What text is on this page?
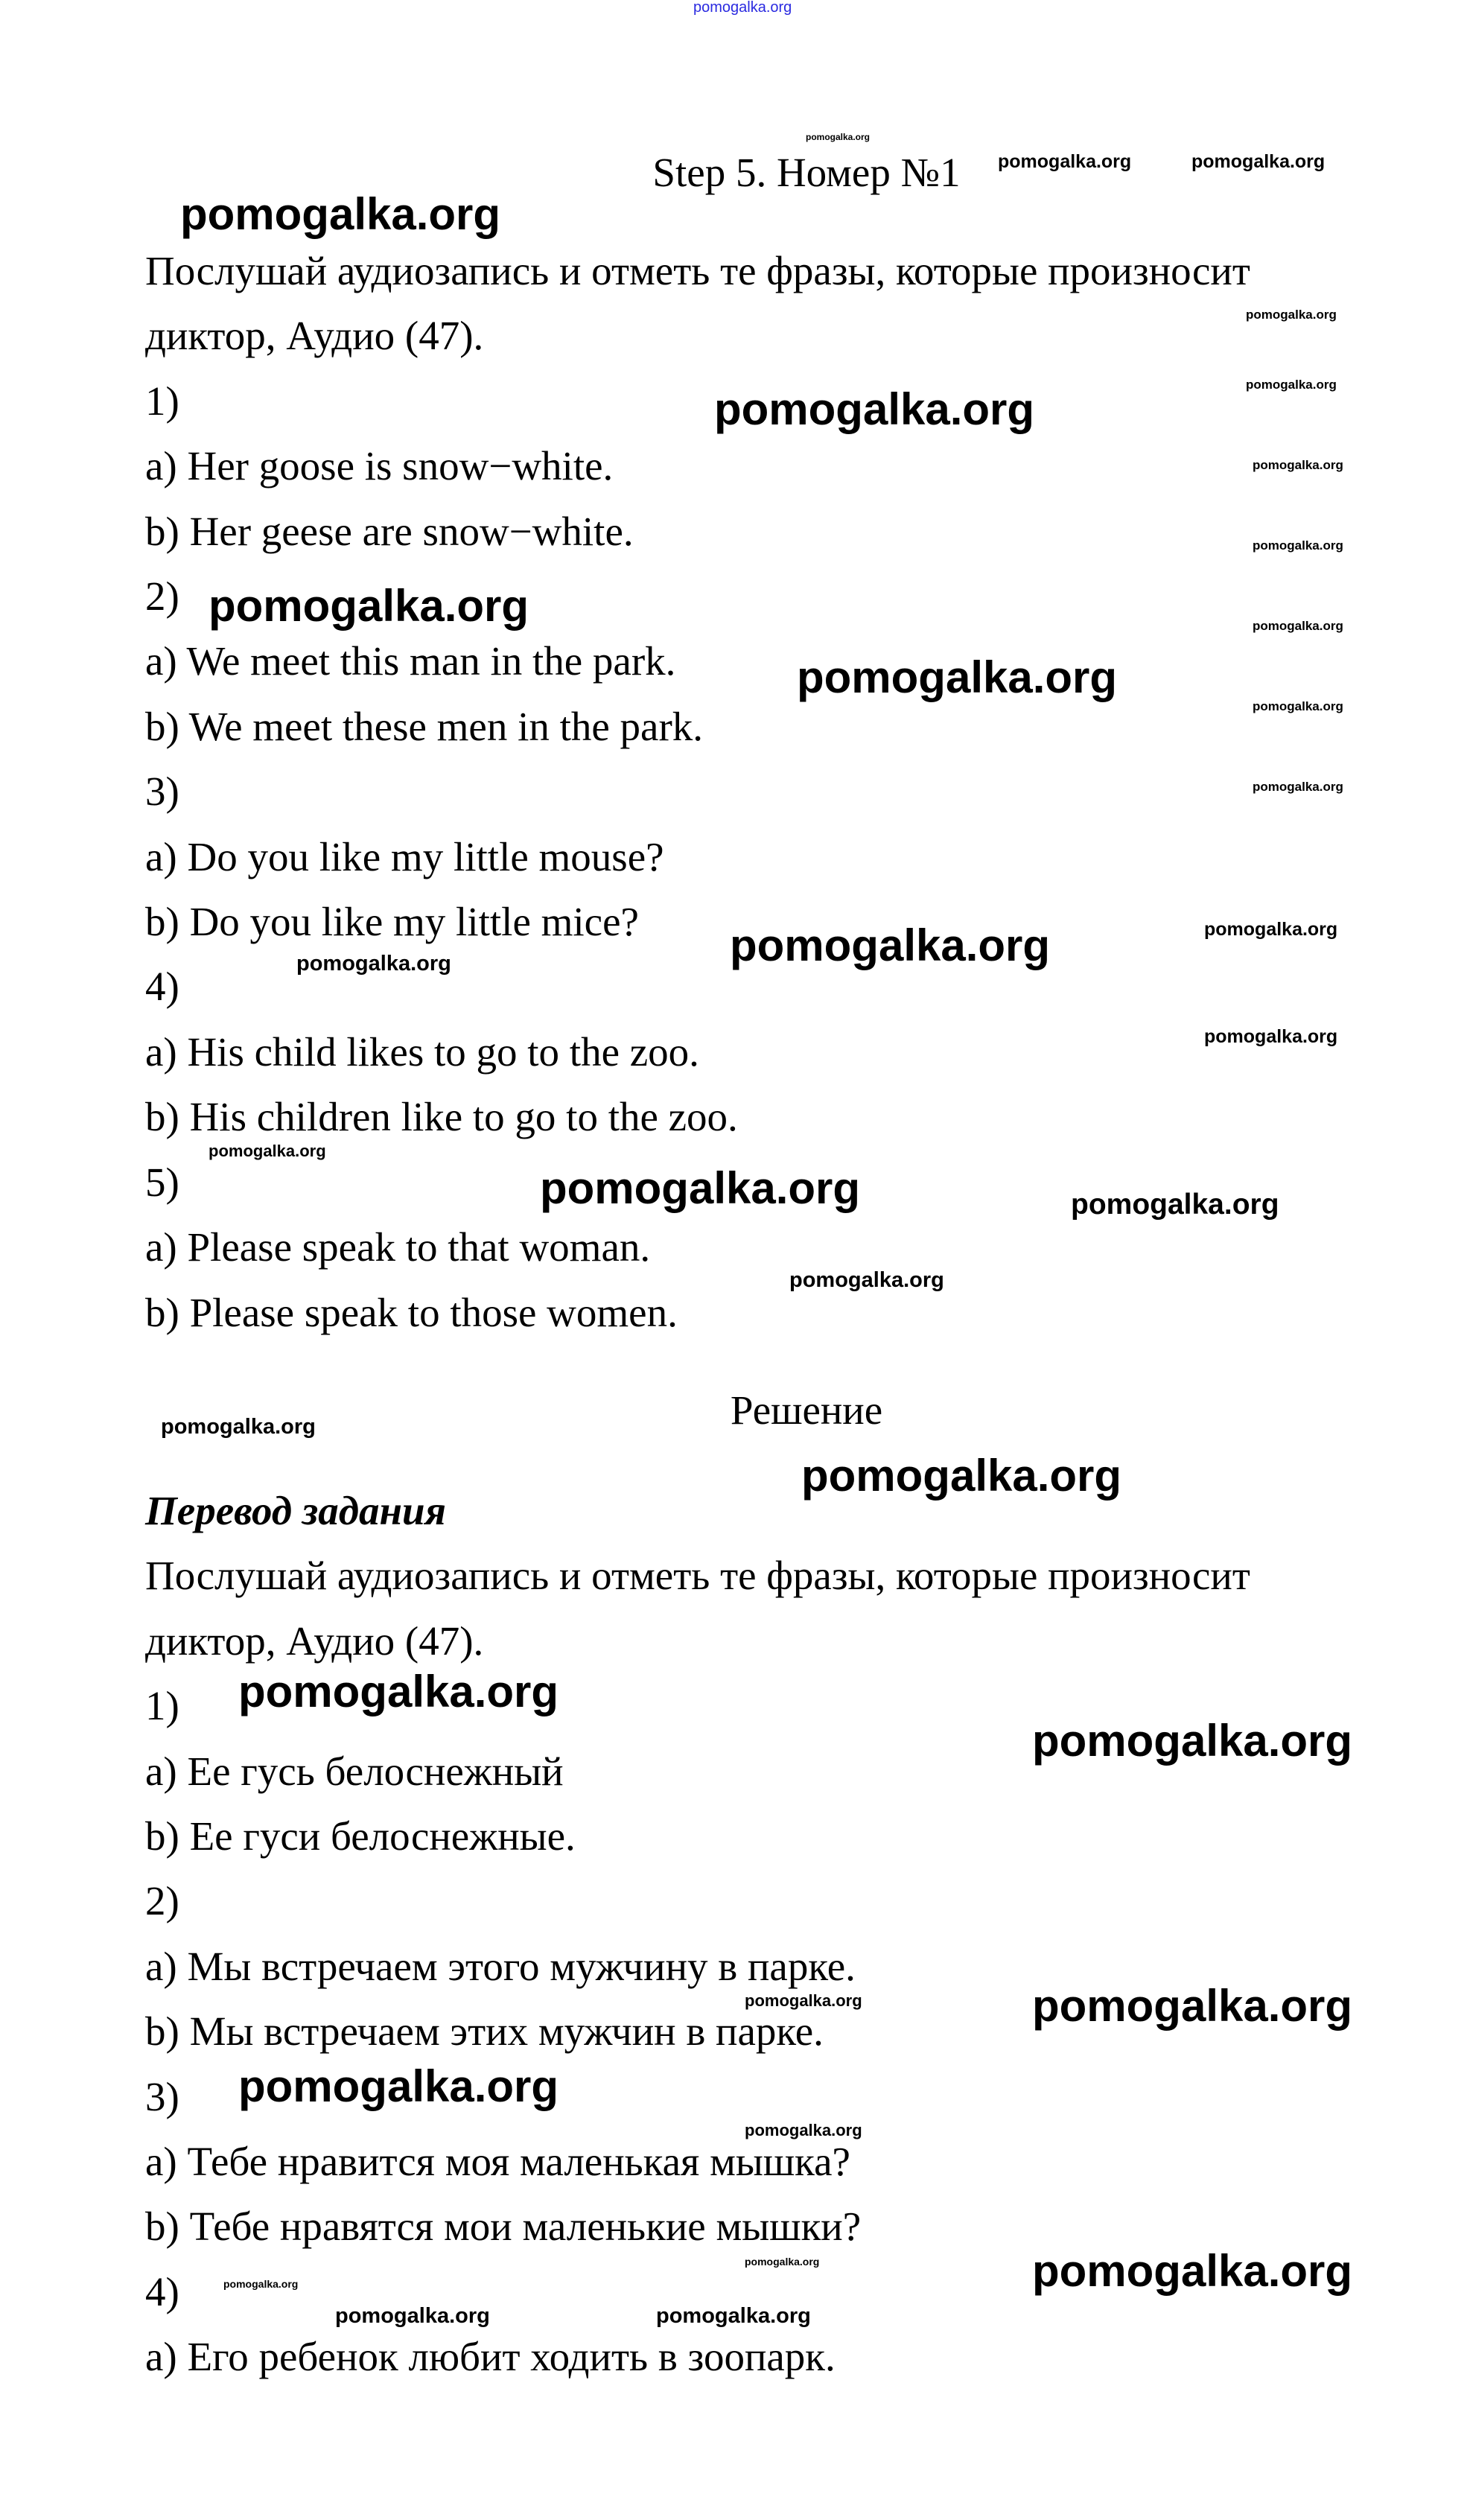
pomogalka.org
Step 5. Номер №1
Послушай аудиозапись и отметь те фразы, которые произносит
диктор, Аудио (47).
1)
a) Her goose is snow−white.
b) Her geese are snow−white.
2)
a) We meet this man in the park.
b) We meet these men in the park.
3)
a) Do you like my little mouse?
b) Do you like my little mice?
4)
a) His child likes to go to the zoo.
b) His children like to go to the zoo.
5)
a) Please speak to that woman.
b) Please speak to those women.
Решение
Перевод задания
Послушай аудиозапись и отметь те фразы, которые произносит
диктор, Аудио (47).
1)
a) Ее гусь белоснежный
b) Ее гуси белоснежные.
2)
a) Мы встречаем этого мужчину в парке.
b) Мы встречаем этих мужчин в парке.
3)
a) Тебе нравится моя маленькая мышка?
b) Тебе нравятся мои маленькие мышки?
4)
a) Его ребенок любит ходить в зоопарк.
pomogalka.org
pomogalka.org	pomogalka.org
pomogalka.org
pomogalka.org
pomogalka.org
pomogalka.org
pomogalka.org
pomogalka.org
pomogalka.org	pomogalka.org
pomogalka.org
pomogalka.org
pomogalka.org
pomogalka.org	pomogalka.org
pomogalka.org
pomogalka.org
pomogalka.org
pomogalka.org	pomogalka.org
pomogalka.org
pomogalka.org
pomogalka.org
pomogalka.org
pomogalka.org
pomogalka.org	pomogalka.org
pomogalka.org
pomogalka.org
pomogalka.org	pomogalka.org
pomogalka.org
pomogalka.org	pomogalka.org
